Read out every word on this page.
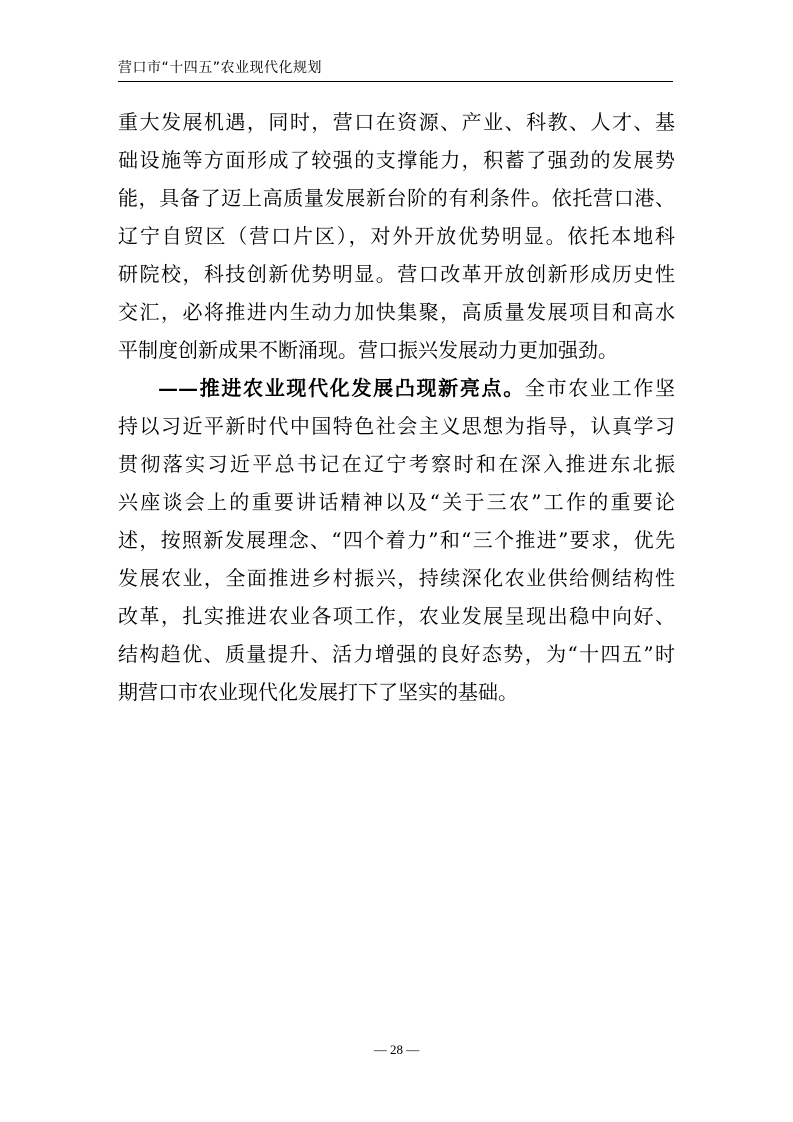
营口市“十四五”农业现代化规划
重大发展机遇，同时，营口在资源、产业、科教、人才、基
础设施等方面形成了较强的支撑能力，积蓄了强劲的发展势
能，具备了迈上高质量发展新台阶的有利条件。依托营口港、
辽宁自贸区（营口片区），对外开放优势明显。依托本地科
研院校，科技创新优势明显。营口改革开放创新形成历史性
交汇，必将推进内生动力加快集聚，高质量发展项目和高水
平制度创新成果不断涌现。营口振兴发展动力更加强劲。
——推进农业现代化发展凸现新亮点。全市农业工作坚
持以习近平新时代中国特色社会主义思想为指导，认真学习
贯彻落实习近平总书记在辽宁考察时和在深入推进东北振
兴座谈会上的重要讲话精神以及“关于三农”工作的重要论
述，按照新发展理念、“四个着力”和“三个推进”要求，优先
发展农业，全面推进乡村振兴，持续深化农业供给侧结构性
改革，扎实推进农业各项工作，农业发展呈现出稳中向好、
结构趋优、质量提升、活力增强的良好态势，为“十四五”时
期营口市农业现代化发展打下了坚实的基础。
— 28 —
